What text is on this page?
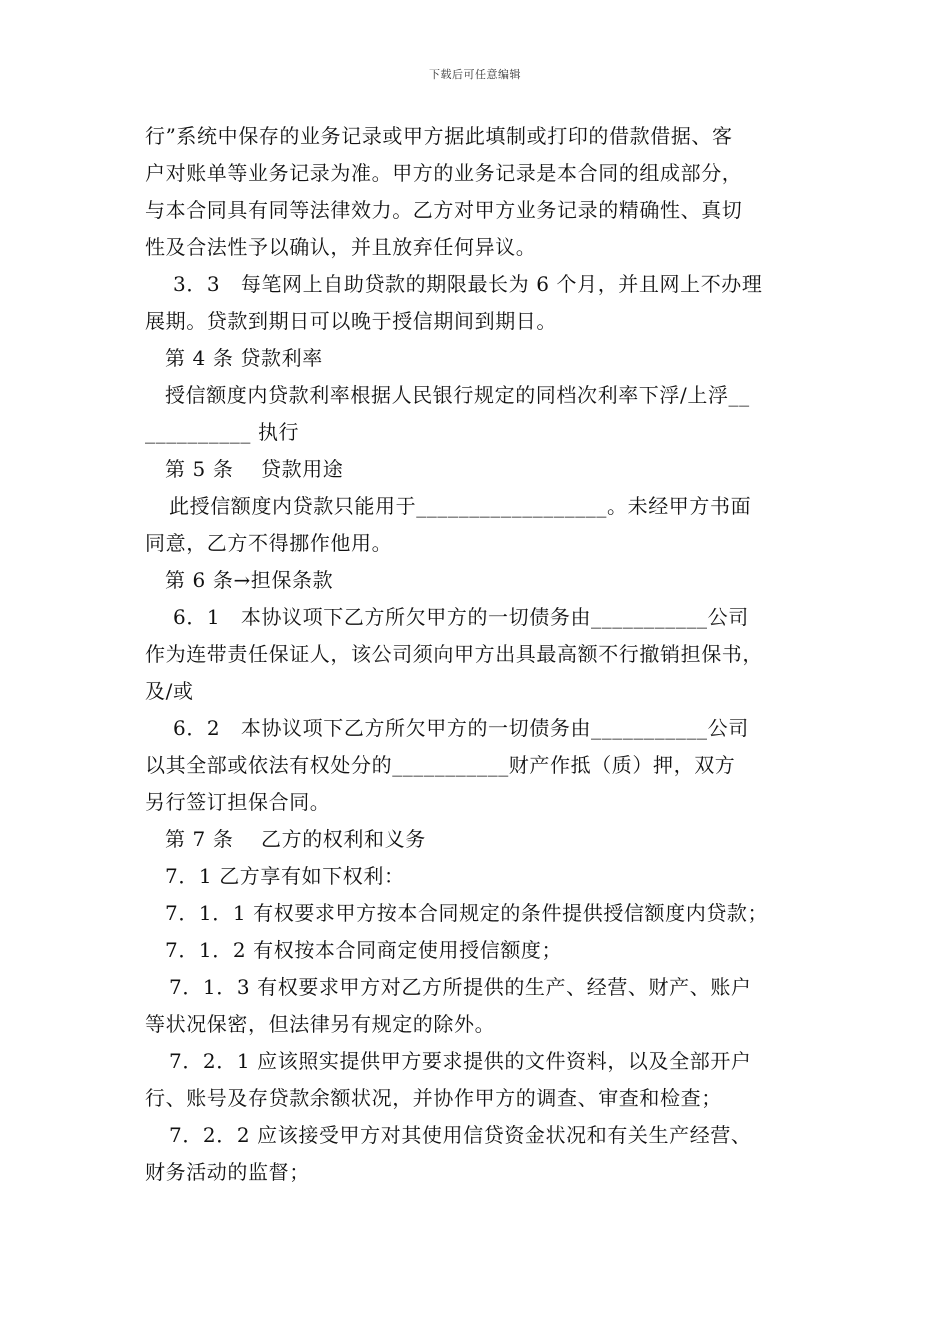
下载后可任意编辑
行”系统中保存的业务记录或甲方据此填制或打印的借款借据、客
户对账单等业务记录为准。甲方的业务记录是本合同的组成部分，
与本合同具有同等法律效力。乙方对甲方业务记录的精确性、真切
性及合法性予以确认，并且放弃任何异议。
3．3　每笔网上自助贷款的期限最长为 6 个月，并且网上不办理
展期。贷款到期日可以晚于授信期间到期日。
第 4 条 贷款利率
授信额度内贷款利率根据人民银行规定的同档次利率下浮/上浮__
__________ 执行
第 5 条　 贷款用途
此授信额度内贷款只能用于__________________。未经甲方书面
同意，乙方不得挪作他用。
第 6 条→担保条款
6．1　本协议项下乙方所欠甲方的一切债务由___________公司
作为连带责任保证人，该公司须向甲方出具最高额不行撤销担保书，
及/或
6．2　本协议项下乙方所欠甲方的一切债务由___________公司
以其全部或依法有权处分的___________财产作抵（质）押，双方
另行签订担保合同。
第 7 条　 乙方的权利和义务
7．1 乙方享有如下权利：
7．1．1 有权要求甲方按本合同规定的条件提供授信额度内贷款；
7．1．2 有权按本合同商定使用授信额度；
7．1．3 有权要求甲方对乙方所提供的生产、经营、财产、账户
等状况保密，但法律另有规定的除外。
7．2．1 应该照实提供甲方要求提供的文件资料，以及全部开户
行、账号及存贷款余额状况，并协作甲方的调查、审查和检查；
7．2．2 应该接受甲方对其使用信贷资金状况和有关生产经营、
财务活动的监督；
